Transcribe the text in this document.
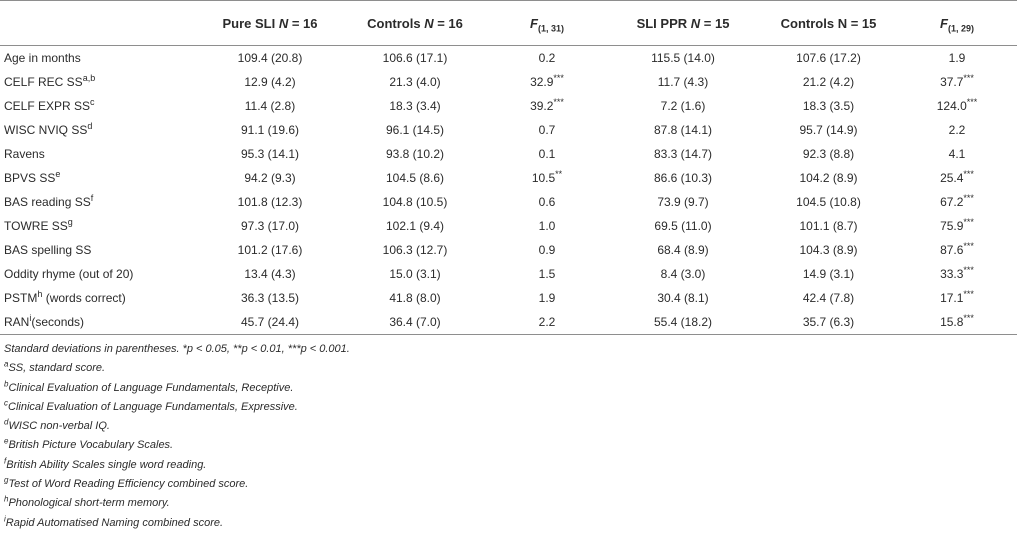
	Pure SLI N = 16	Controls N = 16	$F_{(1, 31)}$	SLI PPR N = 15	Controls N = 15	$F_{(1, 29)}$
Age in months	109.4 (20.8)	106.6 (17.1)	0.2	115.5 (14.0)	107.6 (17.2)	1.9
CELF REC SS$^{a,b}$	12.9 (4.2)	21.3 (4.0)	32.9***	11.7 (4.3)	21.2 (4.2)	37.7***
CELF EXPR $SS^c$	11.4 (2.8)	18.3 (3.4)	39.2***	7.2 (1.6)	18.3 (3.5)	124.0***
WISC NVIQ $SS^d$	91.1 (19.6)	96.1 (14.5)	0.7	87.8 (14.1)	95.7 (14.9)	2.2
Ravens	95.3 (14.1)	93.8 (10.2)	0.1	83.3 (14.7)	92.3 (8.8)	4.1
BPVS $SS^e$	94.2 (9.3)	104.5 (8.6)	10.5**	86.6 (10.3)	104.2 (8.9)	25.4***
BAS reading $SS^f$	101.8 (12.3)	104.8 (10.5)	0.6	73.9 (9.7)	104.5 (10.8)	67.2***
TOWRE $SS^g$	97.3 (17.0)	102.1 (9.4)	1.0	69.5 (11.0)	101.1 (8.7)	75.9***
BAS spelling SS	101.2 (17.6)	106.3 (12.7)	0.9	68.4 (8.9)	104.3 (8.9)	87.6***
Oddity rhyme (out of 20)	13.4 (4.3)	15.0 (3.1)	1.5	8.4 (3.0)	14.9 (3.1)	33.3***
PSTM$^h$ (words correct)	36.3 (13.5)	41.8 (8.0)	1.9	30.4 (8.1)	42.4 (7.8)	17.1***
RAN$^i$(seconds)	45.7 (24.4)	36.4 (7.0)	2.2	55.4 (18.2)	35.7 (6.3)	15.8***
Standard deviations in parentheses. *p < 0.05, **p < 0.01, ***p < 0.001.
$^a$SS, standard score.
$^b$Clinical Evaluation of Language Fundamentals, Receptive.
$^c$Clinical Evaluation of Language Fundamentals, Expressive.
$^d$WISC non-verbal IQ.
$^e$British Picture Vocabulary Scales.
$^f$British Ability Scales single word reading.
$^g$Test of Word Reading Efficiency combined score.
$^h$Phonological short-term memory.
$^i$Rapid Automatised Naming combined score.
